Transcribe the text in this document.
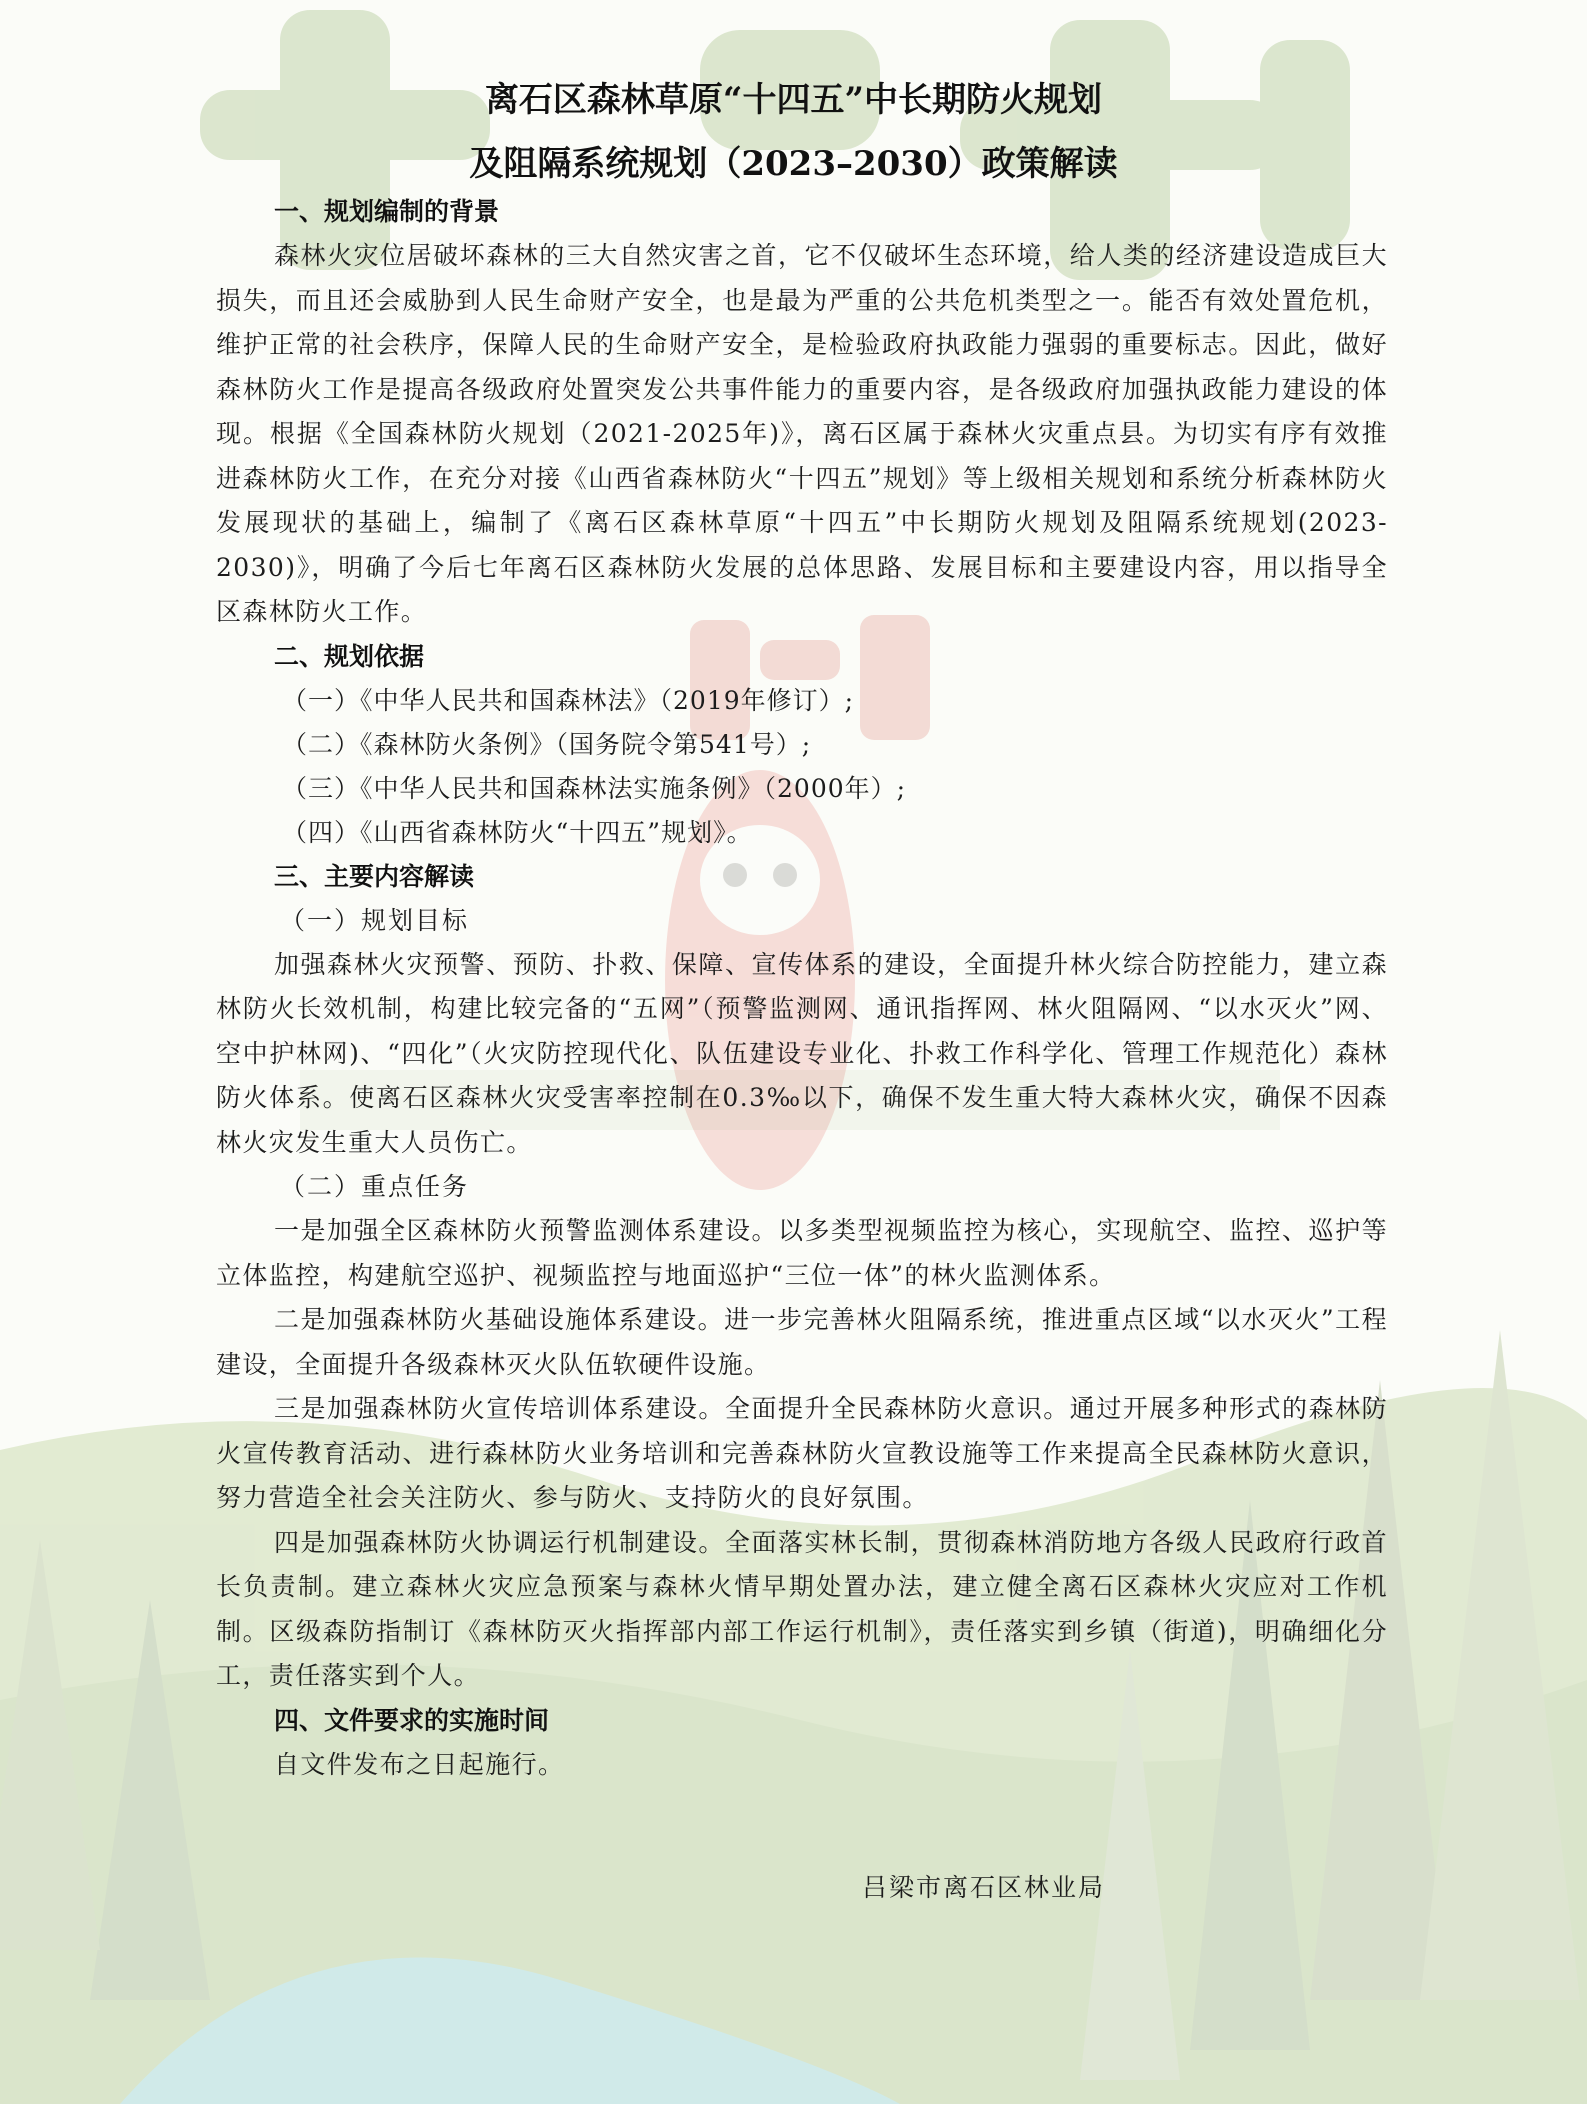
离石区森林草原“十四五”中长期防火规划
及阻隔系统规划（2023–2030）政策解读
一、规划编制的背景
森林火灾位居破坏森林的三大自然灾害之首，它不仅破坏生态环境，给人类的经济建设造成巨大损失，而且还会威胁到人民生命财产安全，也是最为严重的公共危机类型之一。能否有效处置危机，维护正常的社会秩序，保障人民的生命财产安全，是检验政府执政能力强弱的重要标志。因此，做好森林防火工作是提高各级政府处置突发公共事件能力的重要内容，是各级政府加强执政能力建设的体现。根据《全国森林防火规划（2021-2025年)》，离石区属于森林火灾重点县。为切实有序有效推进森林防火工作，在充分对接《山西省森林防火“十四五”规划》等上级相关规划和系统分析森林防火发展现状的基础上，编制了《离石区森林草原“十四五”中长期防火规划及阻隔系统规划(2023-2030)》，明确了今后七年离石区森林防火发展的总体思路、发展目标和主要建设内容，用以指导全区森林防火工作。
二、规划依据
（一）《中华人民共和国森林法》（2019年修订）;
（二）《森林防火条例》（国务院令第541号）;
（三）《中华人民共和国森林法实施条例》（2000年）;
（四）《山西省森林防火“十四五”规划》。
三、主要内容解读
（一）规划目标
加强森林火灾预警、预防、扑救、保障、宣传体系的建设，全面提升林火综合防控能力，建立森林防火长效机制，构建比较完备的“五网”（预警监测网、通讯指挥网、林火阻隔网、“以水灭火”网、空中护林网)、“四化”（火灾防控现代化、队伍建设专业化、扑救工作科学化、管理工作规范化）森林防火体系。使离石区森林火灾受害率控制在0.3‰以下，确保不发生重大特大森林火灾，确保不因森林火灾发生重大人员伤亡。
（二）重点任务
一是加强全区森林防火预警监测体系建设。以多类型视频监控为核心，实现航空、监控、巡护等立体监控，构建航空巡护、视频监控与地面巡护“三位一体”的林火监测体系。
二是加强森林防火基础设施体系建设。进一步完善林火阻隔系统，推进重点区域“以水灭火”工程建设，全面提升各级森林灭火队伍软硬件设施。
三是加强森林防火宣传培训体系建设。全面提升全民森林防火意识。通过开展多种形式的森林防火宣传教育活动、进行森林防火业务培训和完善森林防火宣教设施等工作来提高全民森林防火意识，努力营造全社会关注防火、参与防火、支持防火的良好氛围。
四是加强森林防火协调运行机制建设。全面落实林长制，贯彻森林消防地方各级人民政府行政首长负责制。建立森林火灾应急预案与森林火情早期处置办法，建立健全离石区森林火灾应对工作机制。区级森防指制订《森林防灭火指挥部内部工作运行机制》，责任落实到乡镇（街道)，明确细化分工，责任落实到个人。
四、文件要求的实施时间
自文件发布之日起施行。
吕梁市离石区林业局
